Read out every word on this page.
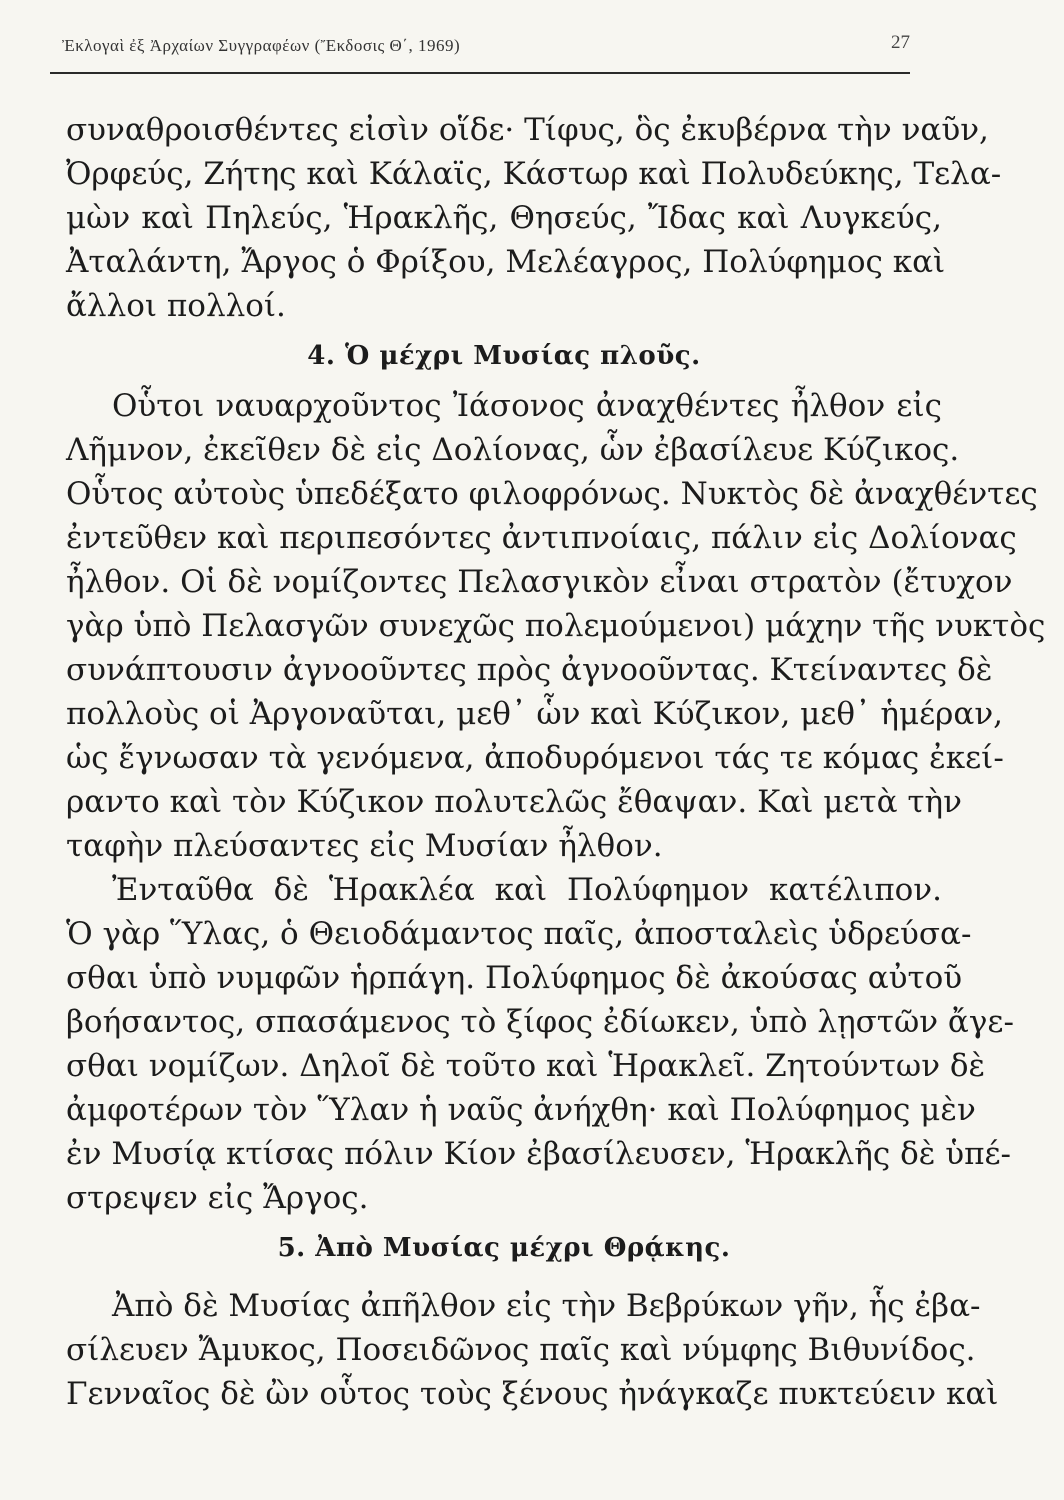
Ἐκλογαὶ ἐξ Ἀρχαίων Συγγραφέων (Ἔκδοσις Θ΄, 1969)	27
συναθροισθέντες εἰσὶν οἵδε· Τίφυς, ὃς ἐκυβέρνα τὴν ναῦν,
Ὀρφεύς, Ζήτης καὶ Κάλαϊς, Κάστωρ καὶ Πολυδεύκης, Τελα-
μὼν καὶ Πηλεύς, Ἡρακλῆς, Θησεύς, Ἴδας καὶ Λυγκεύς,
Ἀταλάντη, Ἄργος ὁ Φρίξου, Μελέαγρος, Πολύφημος καὶ
ἄλλοι πολλοί.
4. Ὁ μέχρι Μυσίας πλοῦς.
Οὗτοι ναυαρχοῦντος Ἰάσονος ἀναχθέντες ἦλθον εἰς
Λῆμνον, ἐκεῖθεν δὲ εἰς Δολίονας, ὧν ἐβασίλευε Κύζικος.
Οὗτος αὐτοὺς ὑπεδέξατο φιλοφρόνως. Νυκτὸς δὲ ἀναχθέντες
ἐντεῦθεν καὶ περιπεσόντες ἀντιπνοίαις, πάλιν εἰς Δολίονας
ἦλθον. Οἱ δὲ νομίζοντες Πελασγικὸν εἶναι στρατὸν (ἔτυχον
γὰρ ὑπὸ Πελασγῶν συνεχῶς πολεμούμενοι) μάχην τῆς νυκτὸς
συνάπτουσιν ἀγνοοῦντες πρὸς ἀγνοοῦντας. Κτείναντες δὲ
πολλοὺς οἱ Ἀργοναῦται, μεθ᾽ ὧν καὶ Κύζικον, μεθ᾽ ἡμέραν,
ὡς ἔγνωσαν τὰ γενόμενα, ἀποδυρόμενοι τάς τε κόμας ἐκεί-
ραντο καὶ τὸν Κύζικον πολυτελῶς ἔθαψαν. Καὶ μετὰ τὴν
ταφὴν πλεύσαντες εἰς Μυσίαν ἦλθον.
Ἐνταῦθα δὲ Ἡρακλέα καὶ Πολύφημον κατέλιπον.
Ὁ γὰρ Ὕλας, ὁ Θειοδάμαντος παῖς, ἀποσταλεὶς ὑδρεύσα-
σθαι ὑπὸ νυμφῶν ἡρπάγη. Πολύφημος δὲ ἀκούσας αὐτοῦ
βοήσαντος, σπασάμενος τὸ ξίφος ἐδίωκεν, ὑπὸ λῃστῶν ἄγε-
σθαι νομίζων. Δηλοῖ δὲ τοῦτο καὶ Ἡρακλεῖ. Ζητούντων δὲ
ἀμφοτέρων τὸν Ὕλαν ἡ ναῦς ἀνήχθη· καὶ Πολύφημος μὲν
ἐν Μυσίᾳ κτίσας πόλιν Κίον ἐβασίλευσεν, Ἡρακλῆς δὲ ὑπέ-
στρεψεν εἰς Ἄργος.
5. Ἀπὸ Μυσίας μέχρι Θρᾴκης.
Ἀπὸ δὲ Μυσίας ἀπῆλθον εἰς τὴν Βεβρύκων γῆν, ἧς ἐβα-
σίλευεν Ἄμυκος, Ποσειδῶνος παῖς καὶ νύμφης Βιθυνίδος.
Γενναῖος δὲ ὢν οὗτος τοὺς ξένους ἠνάγκαζε πυκτεύειν καὶ
